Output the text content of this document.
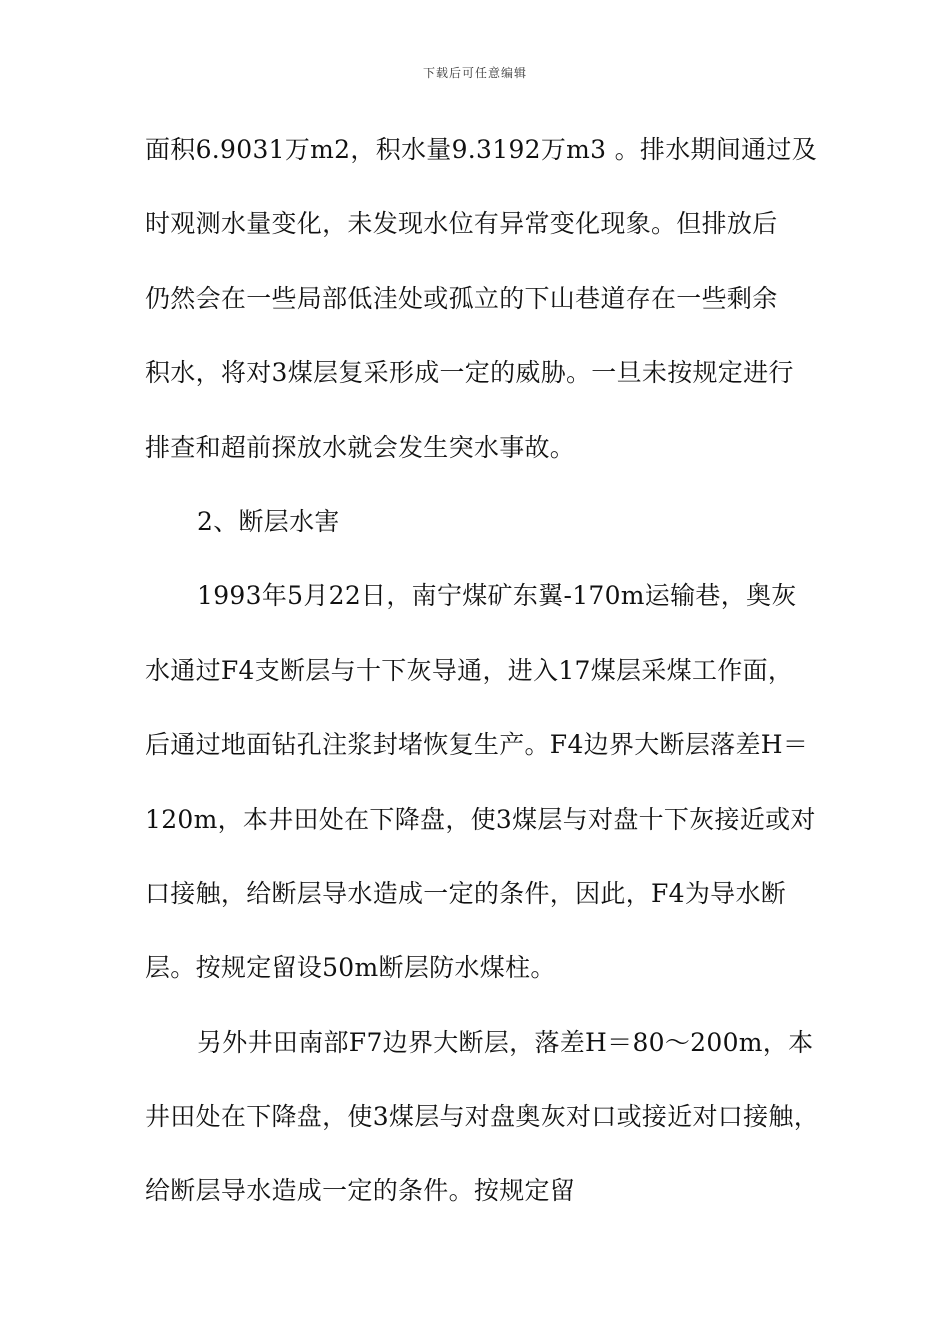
下载后可任意编辑
面积6.9031万m2，积水量9.3192万m3 。排水期间通过及
时观测水量变化，未发现水位有异常变化现象。但排放后
仍然会在一些局部低洼处或孤立的下山巷道存在一些剩余
积水，将对3煤层复采形成一定的威胁。一旦未按规定进行
排查和超前探放水就会发生突水事故。
2、断层水害
1993年5月22日，南宁煤矿东翼-170m运输巷，奥灰
水通过F4支断层与十下灰导通，进入17煤层采煤工作面，
后通过地面钻孔注浆封堵恢复生产。F4边界大断层落差H＝
120m，本井田处在下降盘，使3煤层与对盘十下灰接近或对
口接触，给断层导水造成一定的条件，因此，F4为导水断
层。按规定留设50m断层防水煤柱。
另外井田南部F7边界大断层，落差H＝80～200m，本
井田处在下降盘，使3煤层与对盘奥灰对口或接近对口接触，
给断层导水造成一定的条件。按规定留
